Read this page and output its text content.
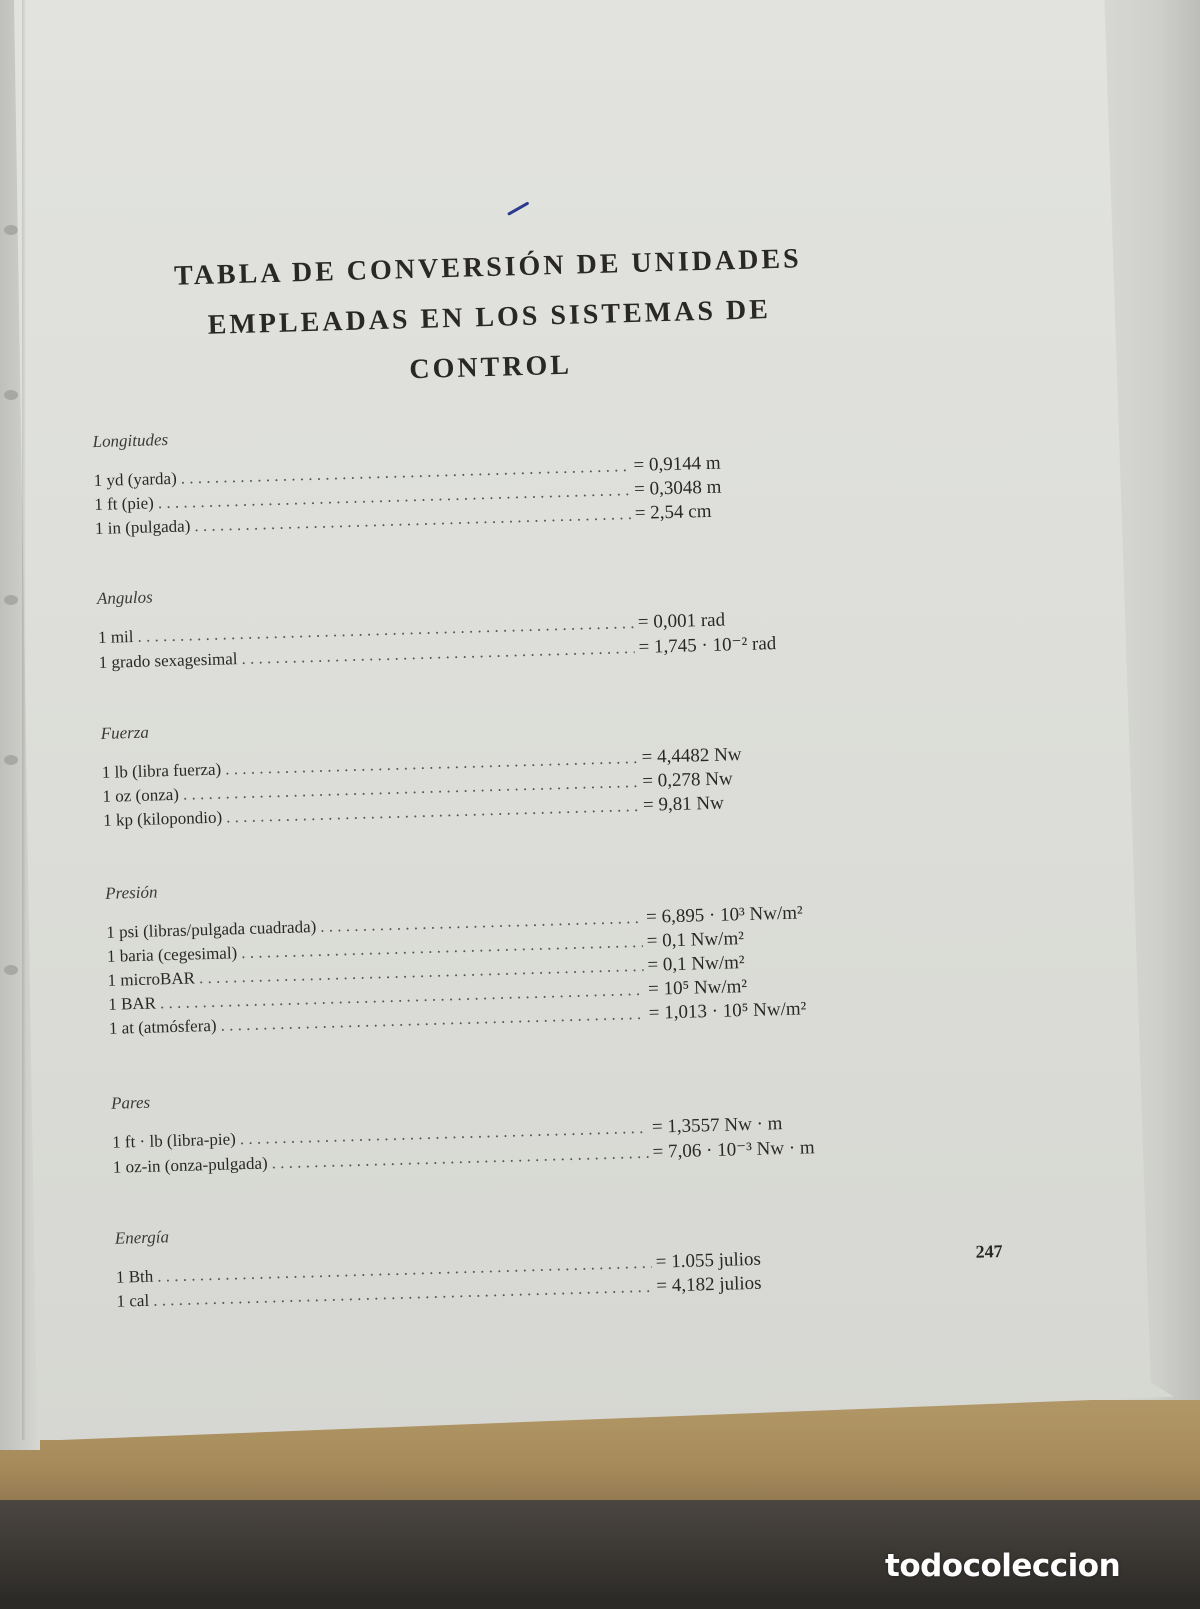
TABLA DE CONVERSIÓN DE UNIDADES
EMPLEADAS EN LOS SISTEMAS DE CONTROL
Longitudes
1 yd (yarda)
. . .
= 0,9144 m
1 ft (pie)
. . .
= 0,3048 m
1 in (pulgada)
. . .
= 2,54 cm
Angulos
1 mil
. . .
= 0,001 rad
1 grado sexagesimal
. . .
= 1,745 · 10⁻² rad
Fuerza
1 lb (libra fuerza)
. . .
= 4,4482 Nw
1 oz (onza)
. . .
= 0,278 Nw
1 kp (kilopondio)
. . .
= 9,81 Nw
Presión
1 psi (libras/pulgada cuadrada)
. . .
= 6,895 · 10³ Nw/m²
1 baria (cegesimal)
. . .
= 0,1 Nw/m²
1 microBAR
. . .
= 0,1 Nw/m²
1 BAR
. . .
= 10⁵ Nw/m²
1 at (atmósfera)
. . .
= 1,013 · 10⁵ Nw/m²
Pares
1 ft · lb (libra-pie)
. . .
= 1,3557 Nw · m
1 oz-in (onza-pulgada)
. . .
= 7,06 · 10⁻³ Nw · m
Energía
1 Bth
. . .
= 1.055 julios
1 cal
. . .
= 4,182 julios
247
todocoleccion
